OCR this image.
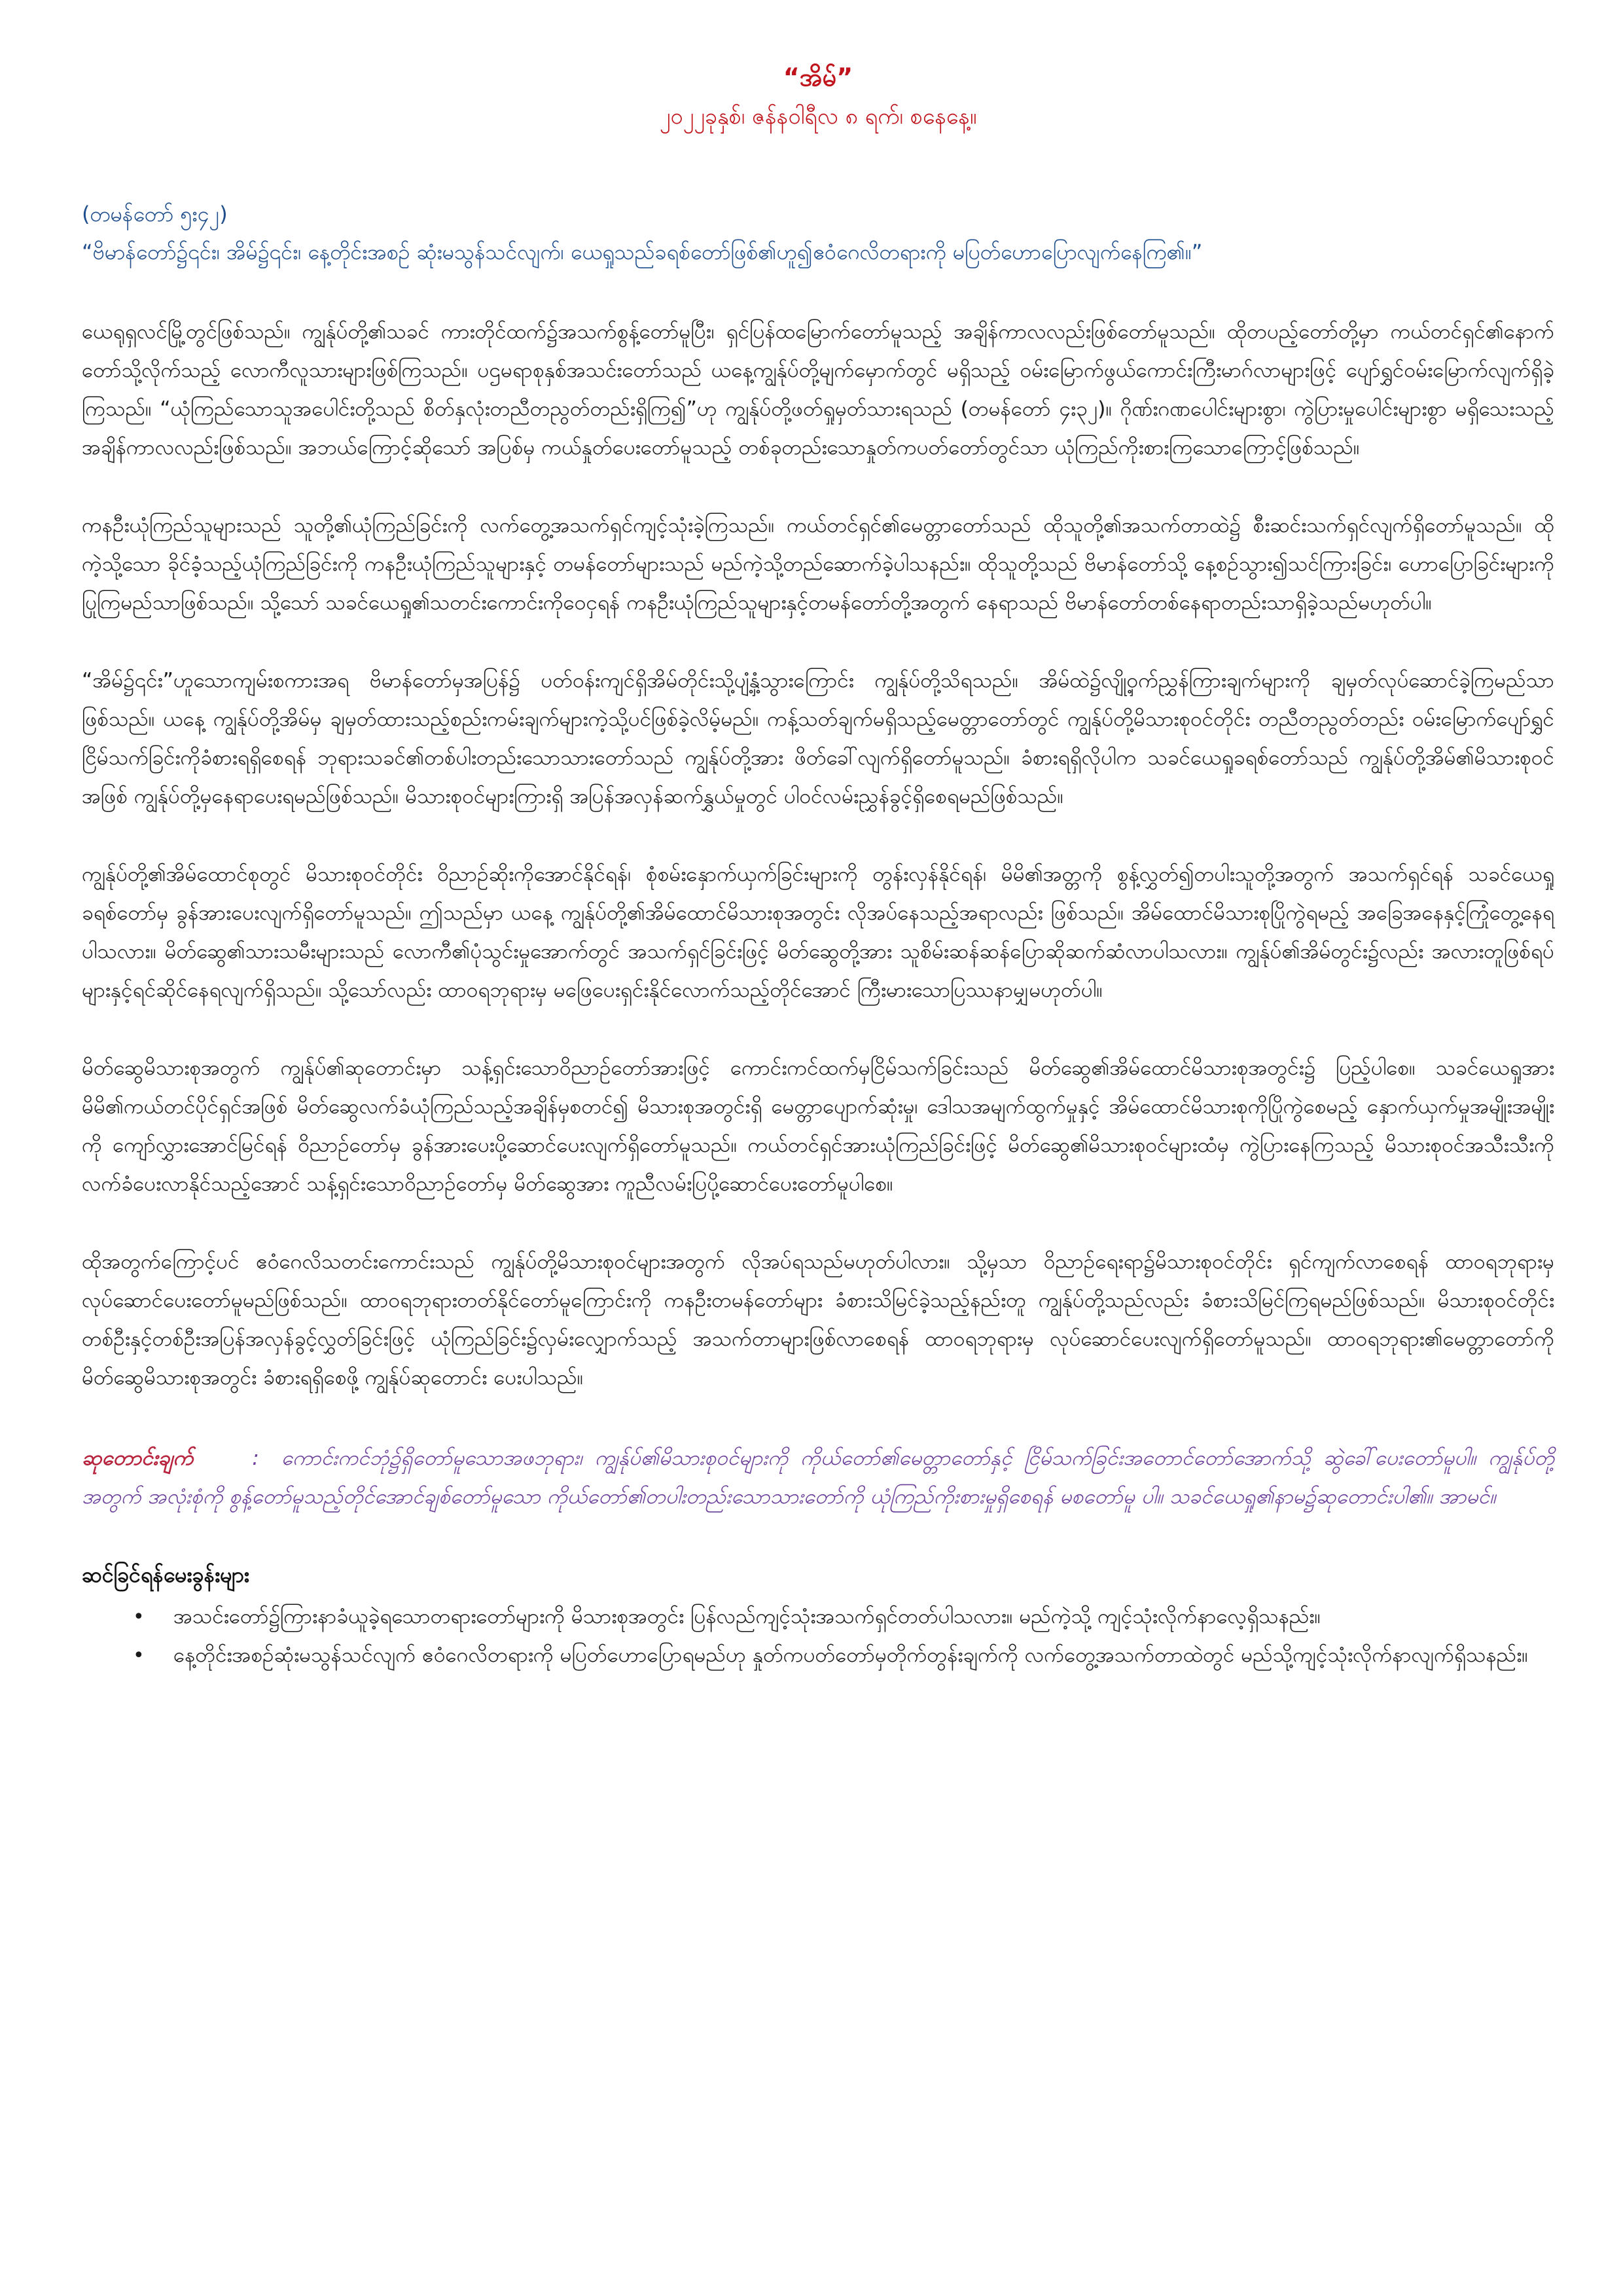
“အိမ်”

၂၀၂၂ခုနှစ်၊ ဇန်နဝါရီလ ၈ ရက်၊ စနေနေ့။

(တမန်တော် ၅း၄၂)

“ဗိမာန်တော်၌၎င်း၊ အိမ်၌၎င်း၊ နေ့တိုင်းအစဉ် ဆုံးမသွန်သင်လျက်၊ ယေရှုသည်ခရစ်တော်ဖြစ်၏ဟူ၍ဧဝံဂေလိတရားကို မပြတ်ဟောပြောလျက်နေကြ၏။”

ယေရုရှလင်မြို့တွင်ဖြစ်သည်။ ကျွန်ုပ်တို့၏သခင် ကားတိုင်ထက်၌အသက်စွန့်တော်မူပြီး၊ ရှင်ပြန်ထမြောက်တော်မူသည့် အချိန်ကာလလည်းဖြစ်တော်မူသည်။ ထိုတပည့်တော်တို့မှာ ကယ်တင်ရှင်၏နောက်တော်သို့လိုက်သည့် လောကီလူသားများဖြစ်ကြသည်။ ပဌမရာစုနှစ်အသင်းတော်သည် ယနေ့ကျွန်ုပ်တို့မျက်မှောက်တွင် မရှိသည့် ဝမ်းမြောက်ဖွယ်ကောင်းကြီးမာဂ်လာများဖြင့် ပျော်ရွှင်ဝမ်းမြောက်လျက်ရှိခဲ့ကြသည်။ “ယုံကြည်သောသူအပေါင်းတို့သည် စိတ်နှလုံးတညီတညွတ်တည်းရှိကြ၍”ဟု ကျွန်ုပ်တို့ဖတ်ရှုမှတ်သားရသည် (တမန်တော် ၄း၃၂)။ ဂိုဏ်းဂဏပေါင်းများစွာ၊ ကွဲပြားမှုပေါင်းများစွာ မရှိသေးသည့်အချိန်ကာလလည်းဖြစ်သည်။ အဘယ်ကြောင့်ဆိုသော် အပြစ်မှ ကယ်နှုတ်ပေးတော်မူသည့် တစ်ခုတည်းသောနှုတ်ကပတ်တော်တွင်သာ ယုံကြည်ကိုးစားကြသောကြောင့်ဖြစ်သည်။

ကနဦးယုံကြည်သူများသည် သူတို့၏ယုံကြည်ခြင်းကို လက်တွေ့အသက်ရှင်ကျင့်သုံးခဲ့ကြသည်။ ကယ်တင်ရှင်၏မေတ္တာတော်သည် ထိုသူတို့၏အသက်တာထဲ၌ စီးဆင်းသက်ရှင်လျက်ရှိတော်မူသည်။ ထိုကဲ့သို့သော ခိုင်ခံ့သည့်ယုံကြည်ခြင်းကို ကနဦးယုံကြည်သူများနှင့် တမန်တော်များသည် မည်ကဲ့သို့တည်ဆောက်ခဲ့ပါသနည်း။ ထိုသူတို့သည် ဗိမာန်တော်သို့ နေ့စဉ်သွား၍သင်ကြားခြင်း၊ ဟောပြောခြင်းများကိုပြုကြမည်သာဖြစ်သည်။ သို့သော် သခင်ယေရှု၏သတင်းကောင်းကိုဝေငှရန် ကနဦးယုံကြည်သူများနှင့်တမန်တော်တို့အတွက် နေရာသည် ဗိမာန်တော်တစ်နေရာတည်းသာရှိခဲ့သည်မဟုတ်ပါ။

“အိမ်၌၎င်း”ဟူသောကျမ်းစကားအရ ဗိမာန်တော်မှအပြန်၌ ပတ်ဝန်းကျင်ရှိအိမ်တိုင်းသို့ပျံ့နှံ့သွားကြောင်း ကျွန်ုပ်တို့သိရသည်။ အိမ်ထဲ၌လျို့ဝှက်ညွှန်ကြားချက်များကို ချမှတ်လုပ်ဆောင်ခဲ့ကြမည်သာဖြစ်သည်။ ယနေ့ ကျွန်ုပ်တို့အိမ်မှ ချမှတ်ထားသည့်စည်းကမ်းချက်များကဲ့သို့ပင်ဖြစ်ခဲ့လိမ့်မည်။ ကန့်သတ်ချက်မရှိသည့်မေတ္တာတော်တွင် ကျွန်ုပ်တို့မိသားစုဝင်တိုင်း တညီတညွတ်တည်း ဝမ်းမြောက်ပျော်ရွှင်ငြိမ်သက်ခြင်းကိုခံစားရရှိစေရန် ဘုရားသခင်၏တစ်ပါးတည်းသောသားတော်သည် ကျွန်ုပ်တို့အား ဖိတ်ခေါ်လျက်ရှိတော်မူသည်။ ခံစားရရှိလိုပါက သခင်ယေရှုခရစ်တော်သည် ကျွန်ုပ်တို့အိမ်၏မိသားစုဝင်အဖြစ် ကျွန်ုပ်တို့မှနေရာပေးရမည်ဖြစ်သည်။ မိသားစုဝင်များကြားရှိ အပြန်အလှန်ဆက်နွှယ်မှုတွင် ပါဝင်လမ်းညွှန်ခွင့်ရှိစေရမည်ဖြစ်သည်။

ကျွန်ုပ်တို့၏အိမ်ထောင်စုတွင် မိသားစုဝင်တိုင်း ဝိညာဉ်ဆိုးကိုအောင်နိုင်ရန်၊ စုံစမ်းနှောက်ယှက်ခြင်းများကို တွန်းလှန်နိုင်ရန်၊ မိမိ၏အတ္တကို စွန့်လွှတ်၍တပါးသူတို့အတွက် အသက်ရှင်ရန် သခင်ယေရှုခရစ်တော်မှ ခွန်အားပေးလျက်ရှိတော်မူသည်။ ဤသည်မှာ ယနေ့ ကျွန်ုပ်တို့၏အိမ်ထောင်မိသားစုအတွင်း လိုအပ်နေသည့်အရာလည်း ဖြစ်သည်။ အိမ်ထောင်မိသားစုပြိုကွဲရမည့် အခြေအနေနှင့်ကြုံတွေ့နေရပါသလား။ မိတ်ဆွေ၏သားသမီးများသည် လောကီ၏ပုံသွင်းမှုအောက်တွင် အသက်ရှင်ခြင်းဖြင့် မိတ်ဆွေတို့အား သူစိမ်းဆန်ဆန်ပြောဆိုဆက်ဆံလာပါသလား။ ကျွန်ုပ်၏အိမ်တွင်း၌လည်း အလားတူဖြစ်ရပ်များနှင့်ရင်ဆိုင်နေရလျက်ရှိသည်။ သို့သော်လည်း ထာဝရဘုရားမှ မဖြေပေးရှင်းနိုင်လောက်သည့်တိုင်အောင် ကြီးမားသောပြဿနာမျှမဟုတ်ပါ။

မိတ်ဆွေမိသားစုအတွက် ကျွန်ုပ်၏ဆုတောင်းမှာ သန့်ရှင်းသောဝိညာဉ်တော်အားဖြင့် ကောင်းကင်ထက်မှငြိမ်သက်ခြင်းသည် မိတ်ဆွေ၏အိမ်ထောင်မိသားစုအတွင်း၌ ပြည့်ပါစေ။ သခင်ယေရှုအား မိမိ၏ကယ်တင်ပိုင်ရှင်အဖြစ် မိတ်ဆွေလက်ခံယုံကြည်သည့်အချိန်မှစတင်၍ မိသားစုအတွင်းရှိ မေတ္တာပျောက်ဆုံးမှု၊ ဒေါသအမျက်ထွက်မှုနှင့် အိမ်ထောင်မိသားစုကိုပြိုကွဲစေမည့် နှောက်ယှက်မှုအမျိုးအမျိုးကို ကျော်လွှားအောင်မြင်ရန် ဝိညာဉ်တော်မှ ခွန်အားပေးပို့ဆောင်ပေးလျက်ရှိတော်မူသည်။ ကယ်တင်ရှင်အားယုံကြည်ခြင်းဖြင့် မိတ်ဆွေ၏မိသားစုဝင်များထံမှ ကွဲပြားနေကြသည့် မိသားစုဝင်အသီးသီးကို လက်ခံပေးလာနိုင်သည့်အောင် သန့်ရှင်းသောဝိညာဉ်တော်မှ မိတ်ဆွေအား ကူညီလမ်းပြပို့ဆောင်ပေးတော်မူပါစေ။

ထိုအတွက်ကြောင့်ပင် ဧဝံဂေလိသတင်းကောင်းသည် ကျွန်ုပ်တို့မိသားစုဝင်များအတွက် လိုအပ်ရသည်မဟုတ်ပါလား။ သို့မှသာ ဝိညာဉ်ရေးရာ၌မိသားစုဝင်တိုင်း ရှင်ကျက်လာစေရန် ထာဝရဘုရားမှ လုပ်ဆောင်ပေးတော်မူမည်ဖြစ်သည်။ ထာဝရဘုရားတတ်နိုင်တော်မူကြောင်းကို ကနဦးတမန်တော်များ ခံစားသိမြင်ခဲ့သည့်နည်းတူ ကျွန်ုပ်တို့သည်လည်း ခံစားသိမြင်ကြရမည်ဖြစ်သည်။ မိသားစုဝင်တိုင်း တစ်ဦးနှင့်တစ်ဦးအပြန်အလှန်ခွင့်လွှတ်ခြင်းဖြင့် ယုံကြည်ခြင်း၌လှမ်းလျှောက်သည့် အသက်တာများဖြစ်လာစေရန် ထာဝရဘုရားမှ လုပ်ဆောင်ပေးလျက်ရှိတော်မူသည်။ ထာဝရဘုရား၏မေတ္တာတော်ကို မိတ်ဆွေမိသားစုအတွင်း ခံစားရရှိစေဖို့ ကျွန်ုပ်ဆုတောင်း ပေးပါသည်။

ဆုတောင်းချက်	: ကောင်းကင်ဘုံ၌ရှိတော်မူသောအဖဘုရား၊ ကျွန်ုပ်၏မိသားစုဝင်များကို ကိုယ်တော်၏မေတ္တာတော်နှင့် ငြိမ်သက်ခြင်းအတောင်တော်အောက်သို့ ဆွဲခေါ်ပေးတော်မူပါ။ ကျွန်ုပ်တို့အတွက် အလုံးစုံကို စွန့်တော်မူသည့်တိုင်အောင်ချစ်တော်မူသော ကိုယ်တော်၏တပါးတည်းသောသားတော်ကို ယုံကြည်ကိုးစားမှုရှိစေရန် မစတော်မူ ပါ။ သခင်ယေရှု၏နာမ၌ဆုတောင်းပါ၏။ အာမင်။
ဆင်ခြင်ရန်မေးခွန်းများ
• အသင်းတော်၌ကြားနာခံယူခဲ့ရသောတရားတော်များကို မိသားစုအတွင်း ပြန်လည်ကျင့်သုံးအသက်ရှင်တတ်ပါသလား။ မည်ကဲ့သို့ ကျင့်သုံးလိုက်နာလေ့ရှိသနည်း။
• နေ့တိုင်းအစဉ်ဆုံးမသွန်သင်လျက် ဧဝံဂေလိတရားကို မပြတ်ဟောပြောရမည်ဟု နှုတ်ကပတ်တော်မှတိုက်တွန်းချက်ကို လက်တွေ့အသက်တာထဲတွင် မည်သို့ကျင့်သုံးလိုက်နာလျက်ရှိသနည်း။
